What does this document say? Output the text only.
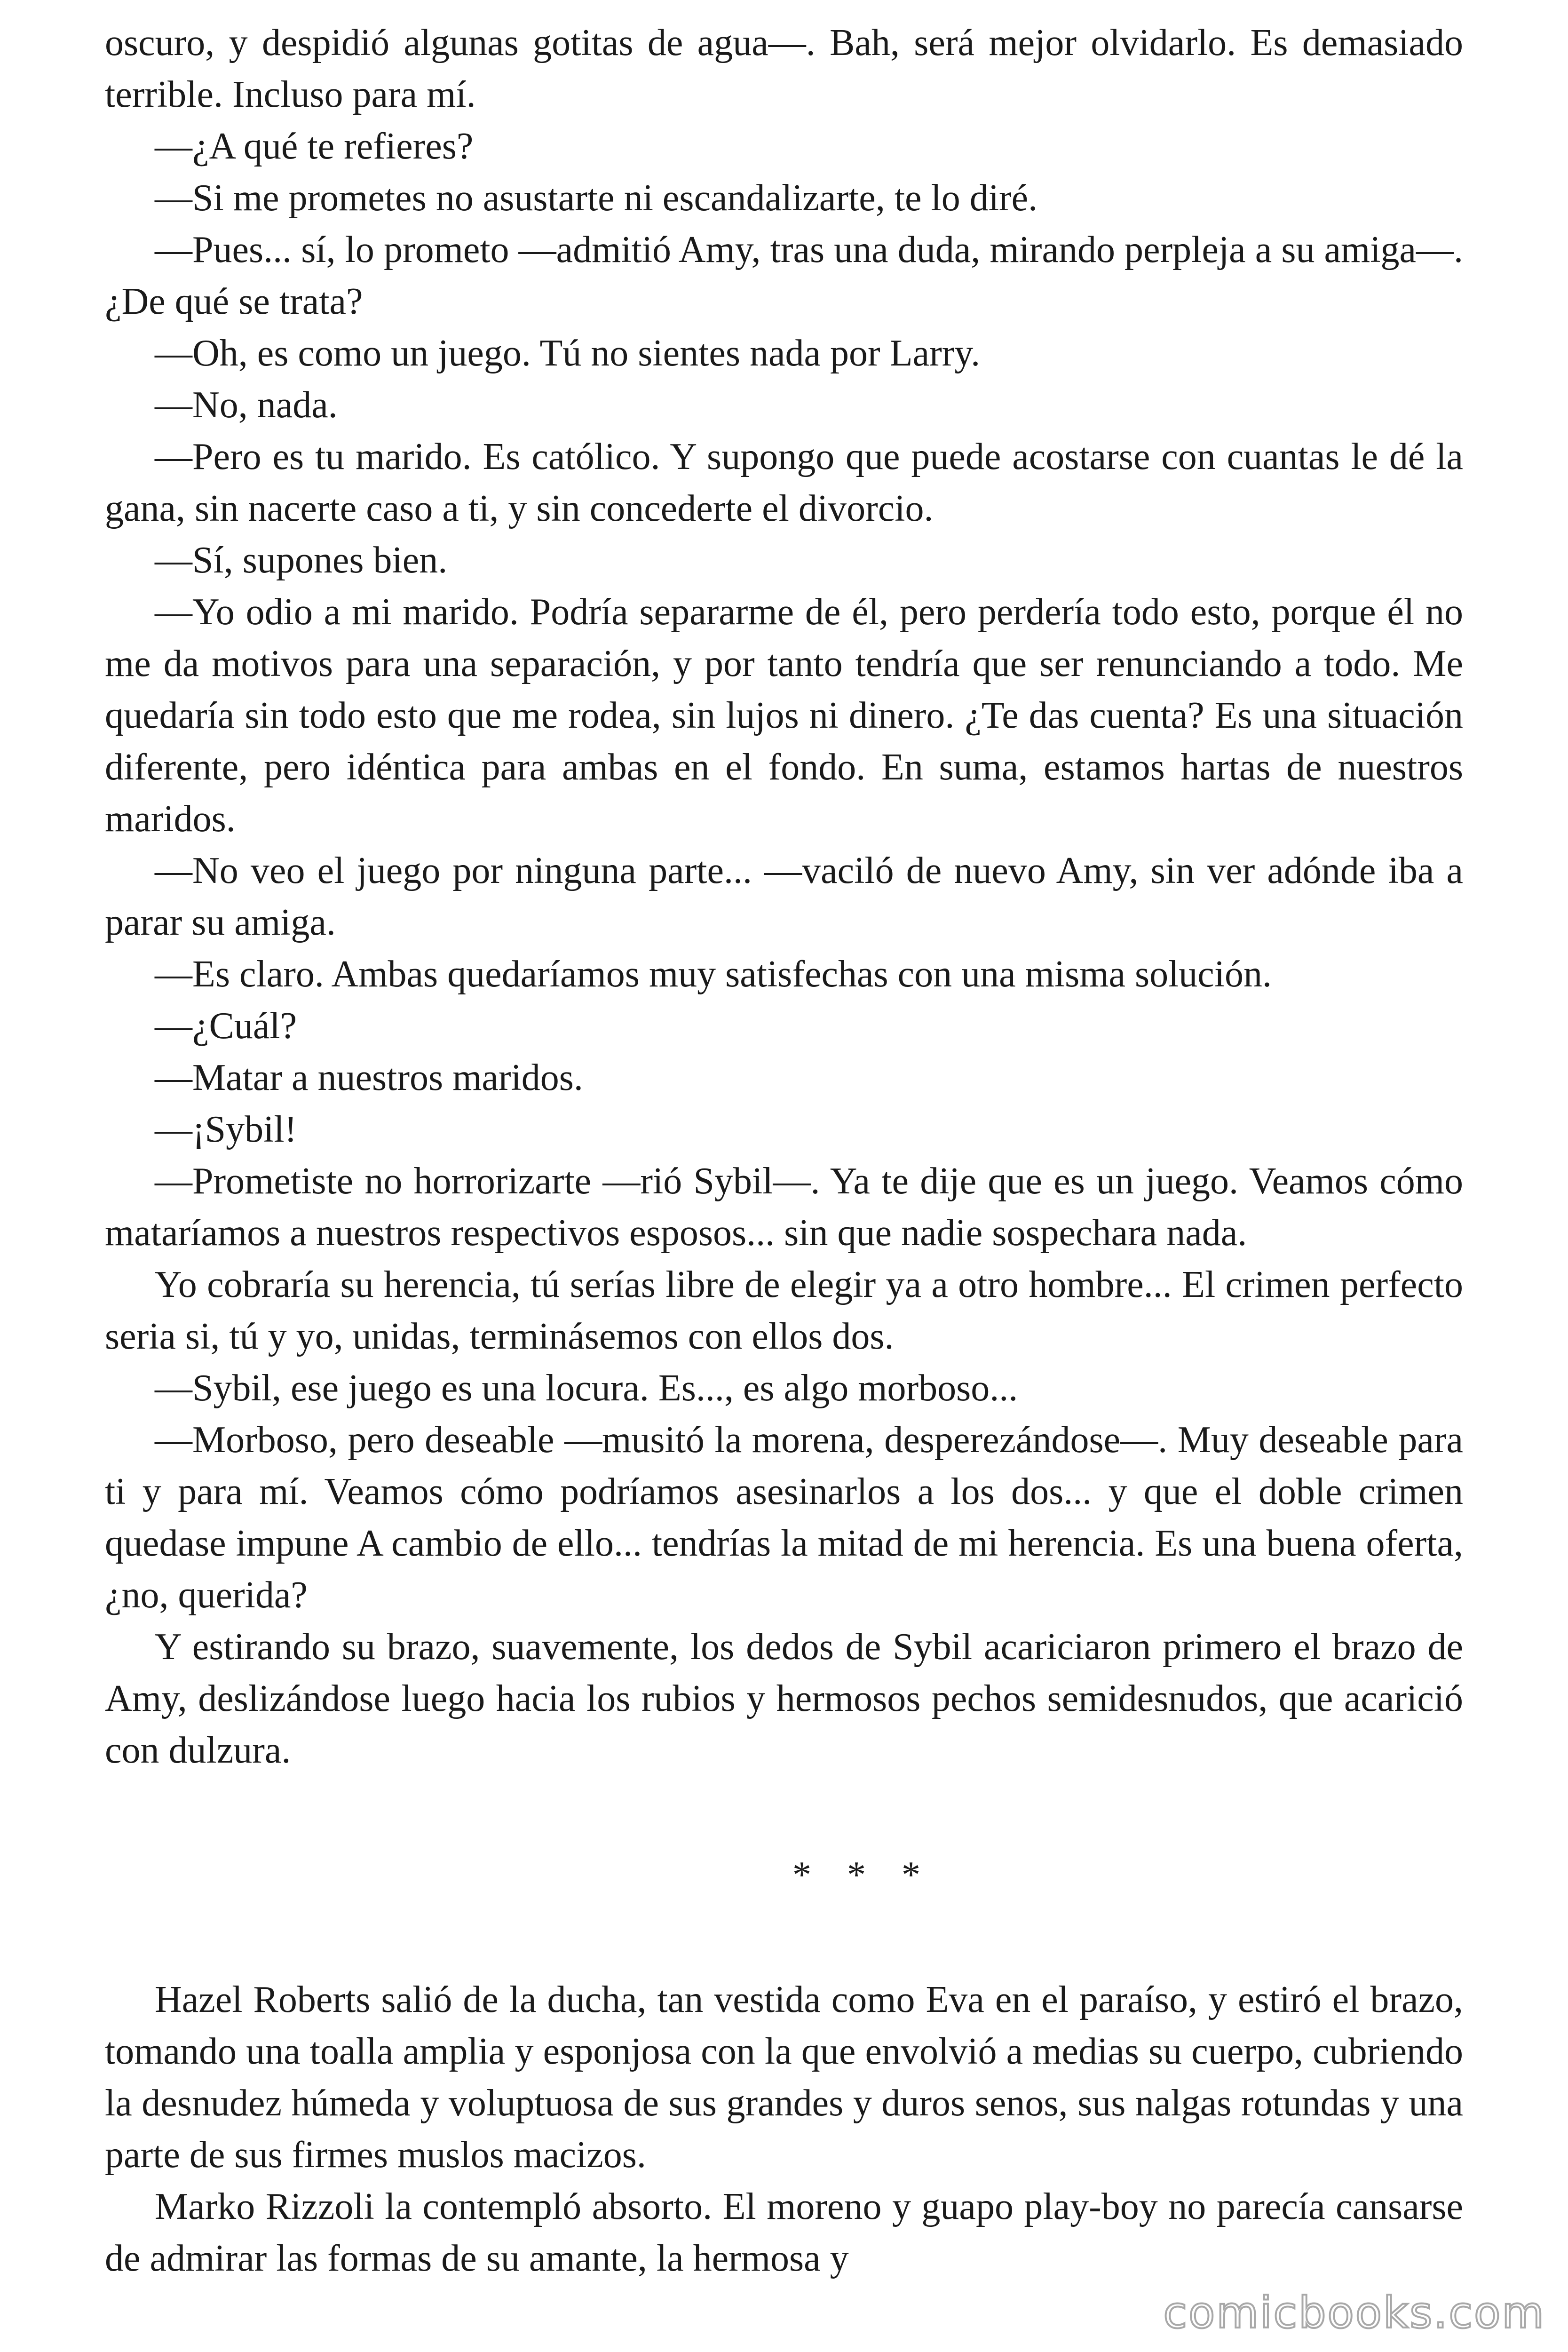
oscuro, y despidió algunas gotitas de agua—. Bah, será mejor olvidarlo. Es demasiado terrible. Incluso para mí.

—¿A qué te refieres?

—Si me prometes no asustarte ni escandalizarte, te lo diré.

—Pues... sí, lo prometo —admitió Amy, tras una duda, mirando perpleja a su amiga—. ¿De qué se trata?

—Oh, es como un juego. Tú no sientes nada por Larry.

—No, nada.

—Pero es tu marido. Es católico. Y supongo que puede acostarse con cuantas le dé la gana, sin nacerte caso a ti, y sin concederte el divorcio.

—Sí, supones bien.

—Yo odio a mi marido. Podría separarme de él, pero perdería todo esto, porque él no me da motivos para una separación, y por tanto tendría que ser renunciando a todo. Me quedaría sin todo esto que me rodea, sin lujos ni dinero. ¿Te das cuenta? Es una situación diferente, pero idéntica para ambas en el fondo. En suma, estamos hartas de nuestros maridos.

—No veo el juego por ninguna parte... —vaciló de nuevo Amy, sin ver adónde iba a parar su amiga.

—Es claro. Ambas quedaríamos muy satisfechas con una misma solución.

—¿Cuál?

—Matar a nuestros maridos.

—¡Sybil!

—Prometiste no horrorizarte —rió Sybil—. Ya te dije que es un juego. Veamos cómo mataríamos a nuestros respectivos esposos... sin que nadie sospechara nada.

Yo cobraría su herencia, tú serías libre de elegir ya a otro hombre... El crimen perfecto seria si, tú y yo, unidas, terminásemos con ellos dos.

—Sybil, ese juego es una locura. Es..., es algo morboso...

—Morboso, pero deseable —musitó la morena, desperezándose—. Muy deseable para ti y para mí. Veamos cómo podríamos asesinarlos a los dos... y que el doble crimen quedase impune A cambio de ello... tendrías la mitad de mi herencia. Es una buena oferta, ¿no, querida?

Y estirando su brazo, suavemente, los dedos de Sybil acariciaron primero el brazo de Amy, deslizándose luego hacia los rubios y hermosos pechos semidesnudos, que acarició con dulzura.

* * *

Hazel Roberts salió de la ducha, tan vestida como Eva en el paraíso, y estiró el brazo, tomando una toalla amplia y esponjosa con la que envolvió a medias su cuerpo, cubriendo la desnudez húmeda y voluptuosa de sus grandes y duros senos, sus nalgas rotundas y una parte de sus firmes muslos macizos.

Marko Rizzoli la contempló absorto. El moreno y guapo play-boy no parecía cansarse de admirar las formas de su amante, la hermosa y

comicbooks.com
